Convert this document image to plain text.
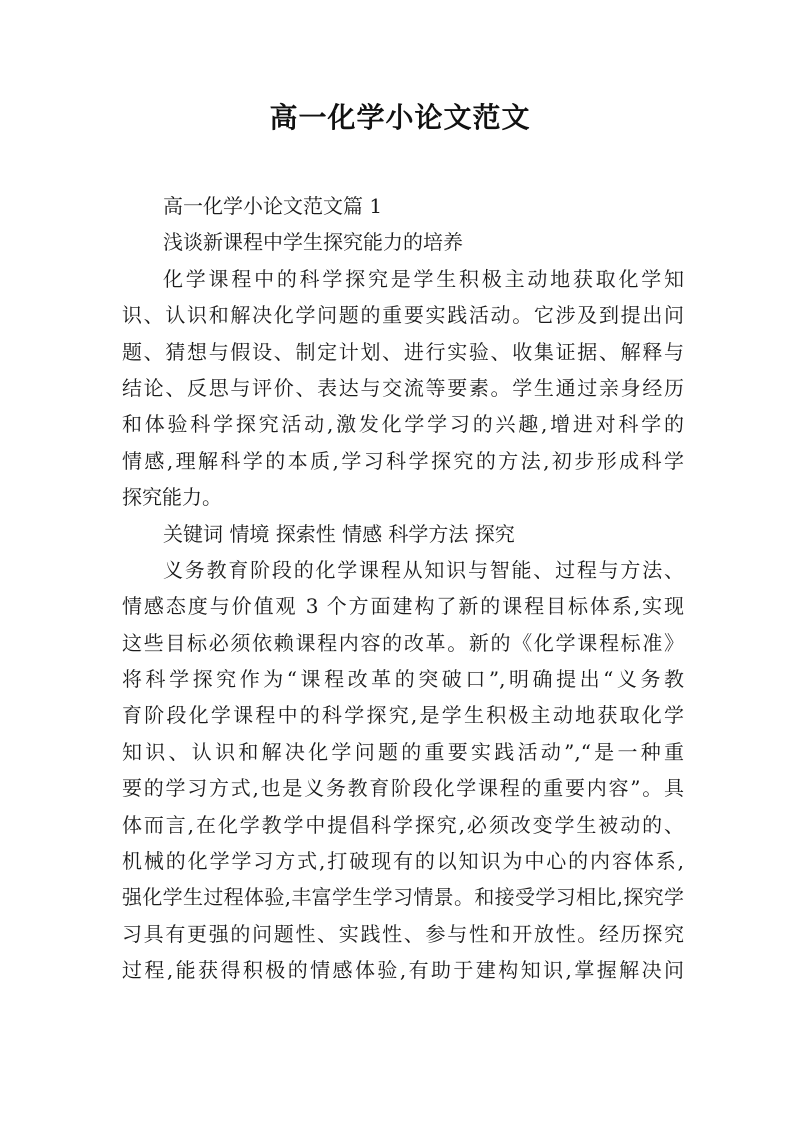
高一化学小论文范文

高一化学小论文范文篇 1

浅谈新课程中学生探究能力的培养

化学课程中的科学探究是学生积极主动地获取化学知

识、认识和解决化学问题的重要实践活动。它涉及到提出问

题、猜想与假设、制定计划、进行实验、收集证据、解释与

结论、反思与评价、表达与交流等要素。学生通过亲身经历

和体验科学探究活动,激发化学学习的兴趣,增进对科学的

情感,理解科学的本质,学习科学探究的方法,初步形成科学

探究能力。

关键词 情境 探索性 情感 科学方法 探究

义务教育阶段的化学课程从知识与智能、过程与方法、

情感态度与价值观 3 个方面建构了新的课程目标体系,实现

这些目标必须依赖课程内容的改革。新的《化学课程标准》

将科学探究作为“课程改革的突破口”,明确提出“义务教

育阶段化学课程中的科学探究,是学生积极主动地获取化学

知识、认识和解决化学问题的重要实践活动”,“是一种重

要的学习方式,也是义务教育阶段化学课程的重要内容”。具

体而言,在化学教学中提倡科学探究,必须改变学生被动的、

机械的化学学习方式,打破现有的以知识为中心的内容体系,

强化学生过程体验,丰富学生学习情景。和接受学习相比,探究学

习具有更强的问题性、实践性、参与性和开放性。经历探究

过程,能获得积极的情感体验,有助于建构知识,掌握解决问
